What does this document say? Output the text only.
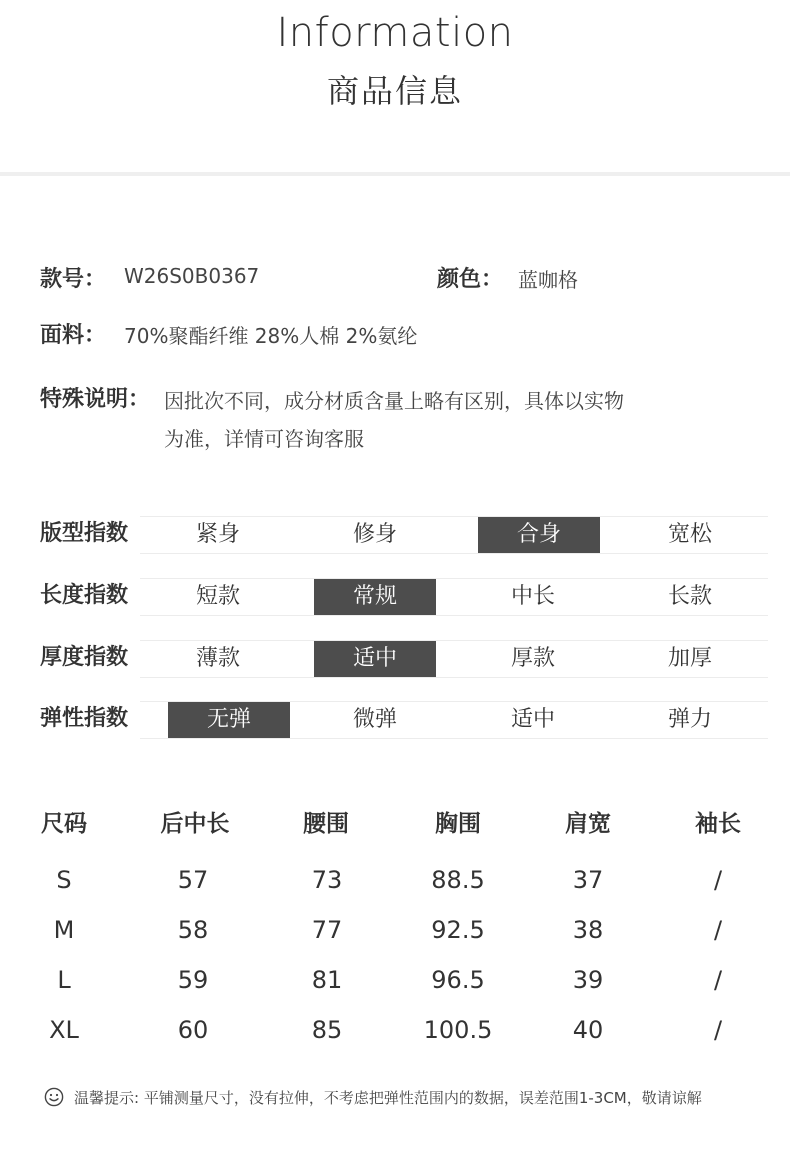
Information
商品信息
款号： W26S0B0367	颜色： 蓝咖格
面料： 70%聚酯纤维 28%人棉 2%氨纶
特殊说明： 因批次不同，成分材质含量上略有区别，具体以实物
为准，详情可咨询客服
版型指数	紧身	修身	合身	宽松
长度指数	短款	常规	中长	长款
厚度指数	薄款	适中	厚款	加厚
弹性指数	无弹	微弹	适中	弹力
尺码	后中长	腰围	胸围	肩宽	袖长
S	57	73	88.5	37	/
M	58	77	92.5	38	/
L	59	81	96.5	39	/
XL	60	85	100.5	40	/
温馨提示: 平铺测量尺寸，没有拉伸，不考虑把弹性范围内的数据，误差范围1-3CM，敬请谅解
